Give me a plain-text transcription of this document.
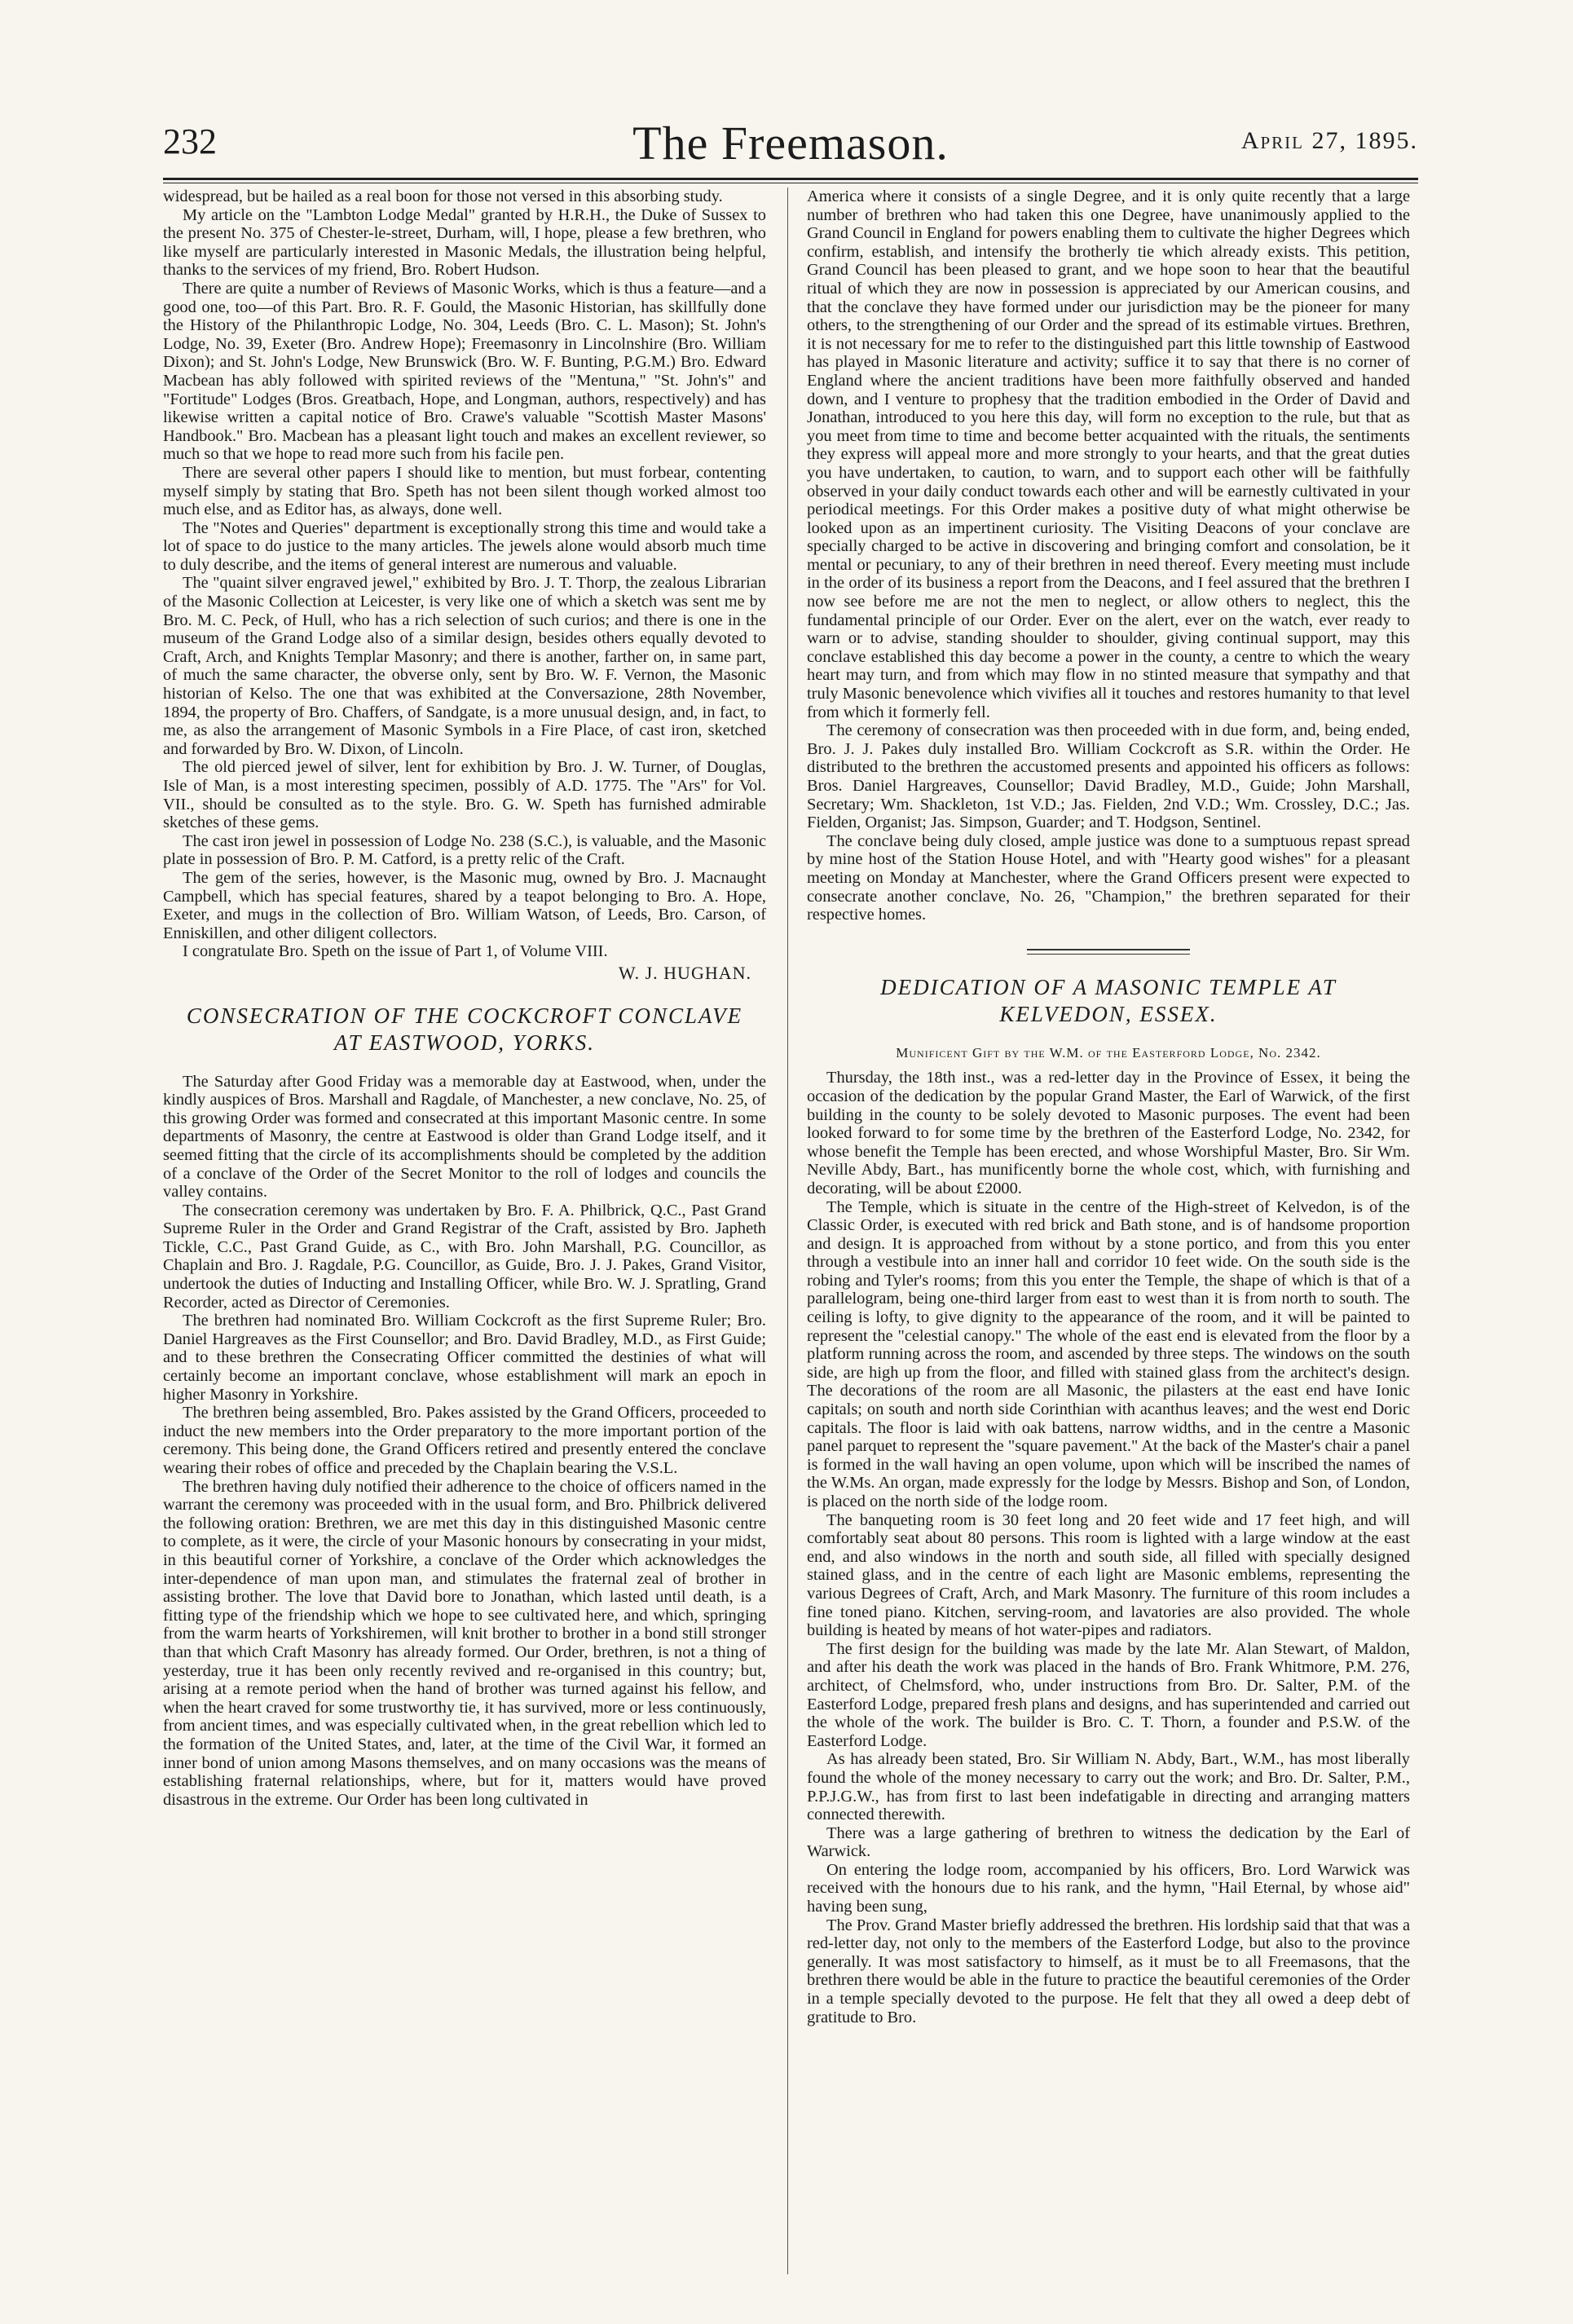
232	The Freemason.	April 27, 1895.

widespread, but be hailed as a real boon for those not versed in this absorbing study.

My article on the "Lambton Lodge Medal" granted by H.R.H., the Duke of Sussex to the present No. 375 of Chester-le-street, Durham, will, I hope, please a few brethren, who like myself are particularly interested in Masonic Medals, the illustration being helpful, thanks to the services of my friend, Bro. Robert Hudson.

There are quite a number of Reviews of Masonic Works, which is thus a feature—and a good one, too—of this Part. Bro. R. F. Gould, the Masonic Historian, has skillfully done the History of the Philanthropic Lodge, No. 304, Leeds (Bro. C. L. Mason); St. John's Lodge, No. 39, Exeter (Bro. Andrew Hope); Freemasonry in Lincolnshire (Bro. William Dixon); and St. John's Lodge, New Brunswick (Bro. W. F. Bunting, P.G.M.) Bro. Edward Macbean has ably followed with spirited reviews of the "Mentuna," "St. John's" and "Fortitude" Lodges (Bros. Greatbach, Hope, and Longman, authors, respectively) and has likewise written a capital notice of Bro. Crawe's valuable "Scottish Master Masons' Handbook." Bro. Macbean has a pleasant light touch and makes an excellent reviewer, so much so that we hope to read more such from his facile pen.

There are several other papers I should like to mention, but must forbear, contenting myself simply by stating that Bro. Speth has not been silent though worked almost too much else, and as Editor has, as always, done well.

The "Notes and Queries" department is exceptionally strong this time and would take a lot of space to do justice to the many articles. The jewels alone would absorb much time to duly describe, and the items of general interest are numerous and valuable.

The "quaint silver engraved jewel," exhibited by Bro. J. T. Thorp, the zealous Librarian of the Masonic Collection at Leicester, is very like one of which a sketch was sent me by Bro. M. C. Peck, of Hull, who has a rich selection of such curios; and there is one in the museum of the Grand Lodge also of a similar design, besides others equally devoted to Craft, Arch, and Knights Templar Masonry; and there is another, farther on, in same part, of much the same character, the obverse only, sent by Bro. W. F. Vernon, the Masonic historian of Kelso. The one that was exhibited at the Conversazione, 28th November, 1894, the property of Bro. Chaffers, of Sandgate, is a more unusual design, and, in fact, to me, as also the arrangement of Masonic Symbols in a Fire Place, of cast iron, sketched and forwarded by Bro. W. Dixon, of Lincoln.

The old pierced jewel of silver, lent for exhibition by Bro. J. W. Turner, of Douglas, Isle of Man, is a most interesting specimen, possibly of A.D. 1775. The "Ars" for Vol. VII., should be consulted as to the style. Bro. G. W. Speth has furnished admirable sketches of these gems.

The cast iron jewel in possession of Lodge No. 238 (S.C.), is valuable, and the Masonic plate in possession of Bro. P. M. Catford, is a pretty relic of the Craft.

The gem of the series, however, is the Masonic mug, owned by Bro. J. Macnaught Campbell, which has special features, shared by a teapot belonging to Bro. A. Hope, Exeter, and mugs in the collection of Bro. William Watson, of Leeds, Bro. Carson, of Enniskillen, and other diligent collectors.

I congratulate Bro. Speth on the issue of Part 1, of Volume VIII.

W. J. HUGHAN.
CONSECRATION OF THE COCKCROFT CONCLAVE AT EASTWOOD, YORKS.

The Saturday after Good Friday was a memorable day at Eastwood, when, under the kindly auspices of Bros. Marshall and Ragdale, of Manchester, a new conclave, No. 25, of this growing Order was formed and consecrated at this important Masonic centre. In some departments of Masonry, the centre at Eastwood is older than Grand Lodge itself, and it seemed fitting that the circle of its accomplishments should be completed by the addition of a conclave of the Order of the Secret Monitor to the roll of lodges and councils the valley contains.

The consecration ceremony was undertaken by Bro. F. A. Philbrick, Q.C., Past Grand Supreme Ruler in the Order and Grand Registrar of the Craft, assisted by Bro. Japheth Tickle, C.C., Past Grand Guide, as C., with Bro. John Marshall, P.G. Councillor, as Chaplain and Bro. J. Ragdale, P.G. Councillor, as Guide, Bro. J. J. Pakes, Grand Visitor, undertook the duties of Inducting and Installing Officer, while Bro. W. J. Spratling, Grand Recorder, acted as Director of Ceremonies.

The brethren had nominated Bro. William Cockcroft as the first Supreme Ruler; Bro. Daniel Hargreaves as the First Counsellor; and Bro. David Bradley, M.D., as First Guide; and to these brethren the Consecrating Officer committed the destinies of what will certainly become an important conclave, whose establishment will mark an epoch in higher Masonry in Yorkshire.

The brethren being assembled, Bro. Pakes assisted by the Grand Officers, proceeded to induct the new members into the Order preparatory to the more important portion of the ceremony. This being done, the Grand Officers retired and presently entered the conclave wearing their robes of office and preceded by the Chaplain bearing the V.S.L.

The brethren having duly notified their adherence to the choice of officers named in the warrant the ceremony was proceeded with in the usual form, and Bro. Philbrick delivered the following oration: Brethren, we are met this day in this distinguished Masonic centre to complete, as it were, the circle of your Masonic honours by consecrating in your midst, in this beautiful corner of Yorkshire, a conclave of the Order which acknowledges the inter-dependence of man upon man, and stimulates the fraternal zeal of brother in assisting brother. The love that David bore to Jonathan, which lasted until death, is a fitting type of the friendship which we hope to see cultivated here, and which, springing from the warm hearts of Yorkshiremen, will knit brother to brother in a bond still stronger than that which Craft Masonry has already formed. Our Order, brethren, is not a thing of yesterday, true it has been only recently revived and re-organised in this country; but, arising at a remote period when the hand of brother was turned against his fellow, and when the heart craved for some trustworthy tie, it has survived, more or less continuously, from ancient times, and was especially cultivated when, in the great rebellion which led to the formation of the United States, and, later, at the time of the Civil War, it formed an inner bond of union among Masons themselves, and on many occasions was the means of establishing fraternal relationships, where, but for it, matters would have proved disastrous in the extreme. Our Order has been long cultivated in

America where it consists of a single Degree, and it is only quite recently that a large number of brethren who had taken this one Degree, have unanimously applied to the Grand Council in England for powers enabling them to cultivate the higher Degrees which confirm, establish, and intensify the brotherly tie which already exists. This petition, Grand Council has been pleased to grant, and we hope soon to hear that the beautiful ritual of which they are now in possession is appreciated by our American cousins, and that the conclave they have formed under our jurisdiction may be the pioneer for many others, to the strengthening of our Order and the spread of its estimable virtues. Brethren, it is not necessary for me to refer to the distinguished part this little township of Eastwood has played in Masonic literature and activity; suffice it to say that there is no corner of England where the ancient traditions have been more faithfully observed and handed down, and I venture to prophesy that the tradition embodied in the Order of David and Jonathan, introduced to you here this day, will form no exception to the rule, but that as you meet from time to time and become better acquainted with the rituals, the sentiments they express will appeal more and more strongly to your hearts, and that the great duties you have undertaken, to caution, to warn, and to support each other will be faithfully observed in your daily conduct towards each other and will be earnestly cultivated in your periodical meetings. For this Order makes a positive duty of what might otherwise be looked upon as an impertinent curiosity. The Visiting Deacons of your conclave are specially charged to be active in discovering and bringing comfort and consolation, be it mental or pecuniary, to any of their brethren in need thereof. Every meeting must include in the order of its business a report from the Deacons, and I feel assured that the brethren I now see before me are not the men to neglect, or allow others to neglect, this the fundamental principle of our Order. Ever on the alert, ever on the watch, ever ready to warn or to advise, standing shoulder to shoulder, giving continual support, may this conclave established this day become a power in the county, a centre to which the weary heart may turn, and from which may flow in no stinted measure that sympathy and that truly Masonic benevolence which vivifies all it touches and restores humanity to that level from which it formerly fell.

The ceremony of consecration was then proceeded with in due form, and, being ended, Bro. J. J. Pakes duly installed Bro. William Cockcroft as S.R. within the Order. He distributed to the brethren the accustomed presents and appointed his officers as follows: Bros. Daniel Hargreaves, Counsellor; David Bradley, M.D., Guide; John Marshall, Secretary; Wm. Shackleton, 1st V.D.; Jas. Fielden, 2nd V.D.; Wm. Crossley, D.C.; Jas. Fielden, Organist; Jas. Simpson, Guarder; and T. Hodgson, Sentinel.

The conclave being duly closed, ample justice was done to a sumptuous repast spread by mine host of the Station House Hotel, and with "Hearty good wishes" for a pleasant meeting on Monday at Manchester, where the Grand Officers present were expected to consecrate another conclave, No. 26, "Champion," the brethren separated for their respective homes.

DEDICATION OF A MASONIC TEMPLE AT KELVEDON, ESSEX.
Munificent Gift by the W.M. of the Easterford Lodge, No. 2342.

Thursday, the 18th inst., was a red-letter day in the Province of Essex, it being the occasion of the dedication by the popular Grand Master, the Earl of Warwick, of the first building in the county to be solely devoted to Masonic purposes. The event had been looked forward to for some time by the brethren of the Easterford Lodge, No. 2342, for whose benefit the Temple has been erected, and whose Worshipful Master, Bro. Sir Wm. Neville Abdy, Bart., has munificently borne the whole cost, which, with furnishing and decorating, will be about £2000.

The Temple, which is situate in the centre of the High-street of Kelvedon, is of the Classic Order, is executed with red brick and Bath stone, and is of handsome proportion and design. It is approached from without by a stone portico, and from this you enter through a vestibule into an inner hall and corridor 10 feet wide. On the south side is the robing and Tyler's rooms; from this you enter the Temple, the shape of which is that of a parallelogram, being one-third larger from east to west than it is from north to south. The ceiling is lofty, to give dignity to the appearance of the room, and it will be painted to represent the "celestial canopy." The whole of the east end is elevated from the floor by a platform running across the room, and ascended by three steps. The windows on the south side, are high up from the floor, and filled with stained glass from the architect's design. The decorations of the room are all Masonic, the pilasters at the east end have Ionic capitals; on south and north side Corinthian with acanthus leaves; and the west end Doric capitals. The floor is laid with oak battens, narrow widths, and in the centre a Masonic panel parquet to represent the "square pavement." At the back of the Master's chair a panel is formed in the wall having an open volume, upon which will be inscribed the names of the W.Ms. An organ, made expressly for the lodge by Messrs. Bishop and Son, of London, is placed on the north side of the lodge room.

The banqueting room is 30 feet long and 20 feet wide and 17 feet high, and will comfortably seat about 80 persons. This room is lighted with a large window at the east end, and also windows in the north and south side, all filled with specially designed stained glass, and in the centre of each light are Masonic emblems, representing the various Degrees of Craft, Arch, and Mark Masonry. The furniture of this room includes a fine toned piano. Kitchen, serving-room, and lavatories are also provided. The whole building is heated by means of hot water-pipes and radiators.

The first design for the building was made by the late Mr. Alan Stewart, of Maldon, and after his death the work was placed in the hands of Bro. Frank Whitmore, P.M. 276, architect, of Chelmsford, who, under instructions from Bro. Dr. Salter, P.M. of the Easterford Lodge, prepared fresh plans and designs, and has superintended and carried out the whole of the work. The builder is Bro. C. T. Thorn, a founder and P.S.W. of the Easterford Lodge.

As has already been stated, Bro. Sir William N. Abdy, Bart., W.M., has most liberally found the whole of the money necessary to carry out the work; and Bro. Dr. Salter, P.M., P.P.J.G.W., has from first to last been indefatigable in directing and arranging matters connected therewith.

There was a large gathering of brethren to witness the dedication by the Earl of Warwick.

On entering the lodge room, accompanied by his officers, Bro. Lord Warwick was received with the honours due to his rank, and the hymn, "Hail Eternal, by whose aid" having been sung,

The Prov. Grand Master briefly addressed the brethren. His lordship said that that was a red-letter day, not only to the members of the Easterford Lodge, but also to the province generally. It was most satisfactory to himself, as it must be to all Freemasons, that the brethren there would be able in the future to practice the beautiful ceremonies of the Order in a temple specially devoted to the purpose. He felt that they all owed a deep debt of gratitude to Bro.
